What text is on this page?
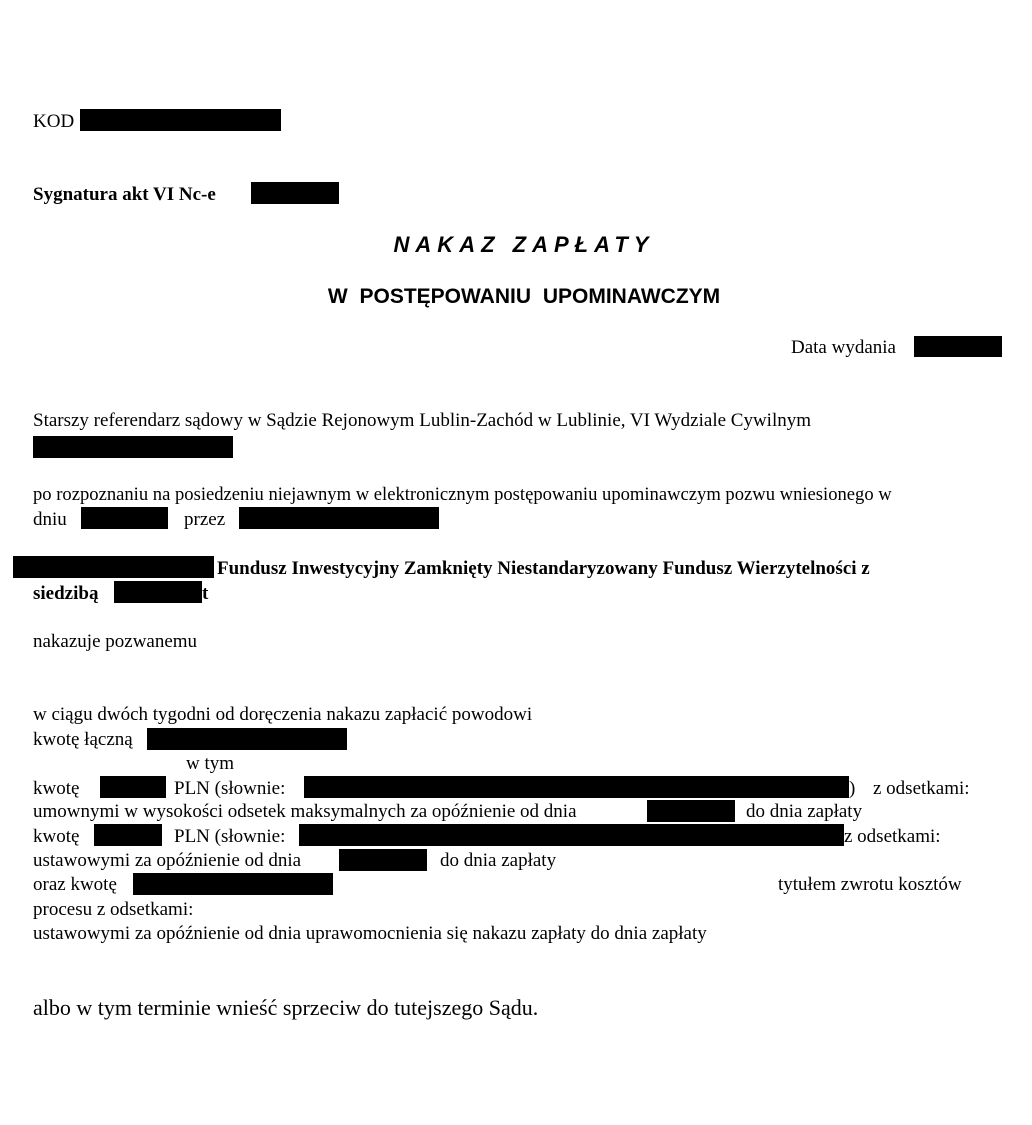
KOD
Sygnatura akt VI Nc-e
NAKAZ ZAPŁATY
W POSTĘPOWANIU UPOMINAWCZYM
Data wydania
Starszy referendarz sądowy w Sądzie Rejonowym Lublin-Zachód w Lublinie, VI Wydziale Cywilnym
po rozpoznaniu na posiedzeniu niejawnym w elektronicznym postępowaniu upominawczym pozwu wniesionego w
dniu	przez
Fundusz Inwestycyjny Zamknięty Niestandaryzowany Fundusz Wierzytelności z
siedzibą	t
nakazuje pozwanemu
w ciągu dwóch tygodni od doręczenia nakazu zapłacić powodowi
kwotę łączną
w tym
kwotę	PLN (słownie:	) z odsetkami:
umownymi w wysokości odsetek maksymalnych za opóźnienie od dnia	do dnia zapłaty
kwotę	PLN (słownie:	z odsetkami:
ustawowymi za opóźnienie od dnia	do dnia zapłaty
oraz kwotę	tytułem zwrotu kosztów
procesu z odsetkami:
ustawowymi za opóźnienie od dnia uprawomocnienia się nakazu zapłaty do dnia zapłaty
albo w tym terminie wnieść sprzeciw do tutejszego Sądu.
